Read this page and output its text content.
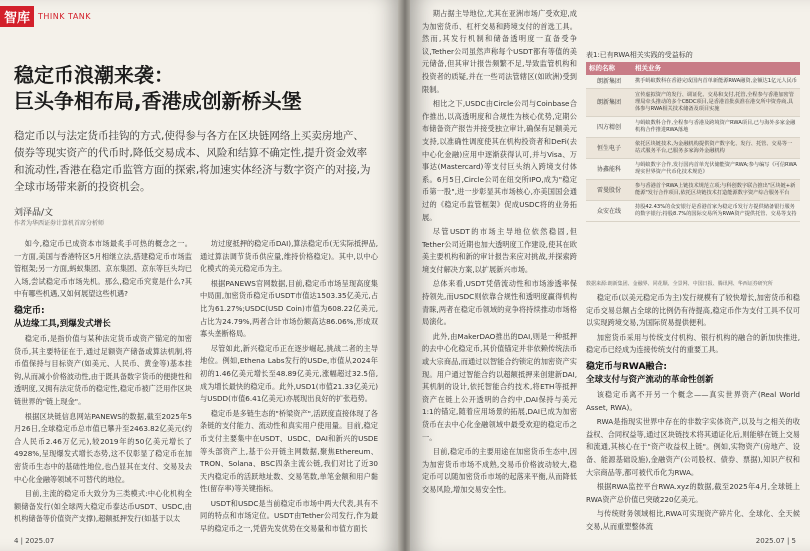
智库	THINK TANK
稳定币浪潮来袭：
巨头争相布局,香港成创新桥头堡
稳定币以与法定货币挂钩的方式,使得参与各方在区块链网络上买卖房地产、债券等现实资产的代币时,降低交易成本、风险和结算不确定性,提升资金效率和流动性,香港在稳定币监管方面的探索,将加速实体经济与数字资产的对接,为全球市场带来新的投资机会。
刘泽晶/文
作者为华西证券计算机首席分析师

如今,稳定币已成资本市场最炙手可热的概念之一。一方面,美国与香港特区5月相继立法,搭建稳定币市场监管框架;另一方面,蚂蚁集团、京东集团、京东等巨头均已入场,尝试稳定币市场先机。那么,稳定币究竟是什么?其中有哪些机遇,又如何展望这些机遇?

稳定币:
从边缘工具,到爆发式增长

稳定币,是指价值与某种法定货币或资产锚定的加密货币,其主要特征在于,通过足额资产储备或算法机制,将币值保持与目标资产(如美元、人民币、黄金等)基本挂钩,从而减小价格波动性,由于既具备数字货币的便捷性和透明度,又拥有法定货币的稳定性,稳定币被广泛用作区块链世界的"链上现金"。

根据区块链信息网站PANEWS的数据,截至2025年5月26日,全球稳定币总市值已攀升至2463.82亿美元(约合人民币2.46万亿元),较2019年的50亿美元增长了4928%,呈现爆发式增长态势,这不仅彰显了稳定币在加密货币生态中的基础性地位,也凸显其在支付、交易及去中心化金融等领域不可替代的地位。

目前,主流的稳定币大致分为三类模式:中心化机构全额储备发行(如全球两大稳定币泰达币USDT、USDC,由机构储备等价值资产支撑),超额抵押发行(如基于以太

坊过度抵押的稳定币DAI),算法稳定币(无实际抵押品,通过算法调节货币供应量,维持价格稳定)。其中,以中心化模式的美元稳定币为主。

根据PANEWS官网数据,目前,稳定币市场呈现高度集中局面,加密货币稳定币USDT市值达1503.35亿美元,占比为61.27%;USDC(USD Coin)市值为608.22亿美元,占比为24.79%,两者合计市场份额高达86.06%,形成双寡头垄断格局。

尽管如此,新兴稳定币正在逐步崛起,挑战二者的主导地位。例如,Ethena Labs发行的USDe,市值从2024年初的1.46亿美元增长至48.89亿美元,涨幅超过32.5倍,成为增长最快的稳定币。此外,USD1(市值21.33亿美元)与USDD(市值6.41亿美元)亦展现出良好的扩张趋势。

稳定币是多链生态的"桥梁资产",活跃度直接体现了各条链的支付能力、流动性和真实用户使用量。目前,稳定币支付主要集中在USDT、USDC、DAI和新兴的USDE等头部资产上,基于公开链主网数据,聚焦Ethereum、TRON、Solana、BSC四条主流公链,我们对比了近30天内稳定币的活跃地址数、交易笔数,单笔金额和用户黏性(留存率)等关键指标。

USDT和USDC是当前稳定币市场中两大代表,具有不同的特点和市场定位。USDT由Tether公司发行,作为最早的稳定币之一,凭借先发优势在交易量和市值方面长

4 | 2025.07

期占据主导地位,尤其在亚洲市场广受欢迎,成为加密货币、杠杆交易和跨境支付的首选工具。然而,其发行机制和储备透明度一直备受争议,Tether公司虽然声称每个USDT都有等值的美元储备,但其审计报告频繁不足,导致监管机构和投资者的质疑,并在一些司法管辖区(如欧洲)受到限制。

相比之下,USDC由Circle公司与Coinbase合作推出,以高透明度和合规性为核心优势,定期公布储备资产报告并接受独立审计,确保有足额美元支持,以准确性调度使其在机构投资者和DeFi(去中心化金融)应用中逐渐获得认可,并与Visa、万事达(Mastercard)等支付巨头纳入跨境支付体系。6月5日,Circle公司在纽交所IPO,成为"稳定币第一股",进一步彰显其市场核心,亦美国国会通过的《稳定币监管框架》促成USDC将的业务拓展。

尽管USDT的市场主导地位依然稳固,但Tether公司近期也加大透明度工作建设,使其在欧美主要机构和新的审计报告来应对挑战,并探索跨境支付解决方案,以扩展新兴市场。

总体来看,USDT凭借流动性和市场渗透率保持领先,而USDC则依靠合规性和透明度赢得机构青睐,两者在稳定币领域的竞争将持续推动市场格局演化。

此外,由MakerDAO推出的DAI,则是一种抵押的去中心化稳定币,其价值锚定并非依赖传统法币或大宗商品,而通过以智能合约锁定的加密资产实现。用户通过智能合约以超额抵押来创建新DAI,其机制的设计,依托智能合约技术,将ETH等抵押资产在链上公开透明的合约中,DAI保持与美元1:1的锚定,随着应用场景的拓展,DAI已成为加密货币在去中心化金融领域中最受欢迎的稳定币之一。

目前,稳定币的主要用途在加密货币生态中,因为加密货币市场不成熟,交易币价格波动较大,稳定币可以随加密货币市场的起落来平衡,从而降低交易风险,增加交易安全性。

表1:已有RWA相关实践的受益标的
标的名称	相关业务
朗新集团	携手蚂蚁数科在香港完成国内首单新能源RWA融资,金额达1亿元人民币
朗新集团	宣传虚拟资产的发行、调证化、交易和支付,托管,全程参与香港加密管理局牵头推动的多个CBDC项目,是香港首批获准在港交所中资券商,具体参与RWA相关技术储备及项目实施
四方精创	与蚂蚁数科合作,全程参与香港及跨境资产RWA项目,已与海外多家金融机构合作推进RWA落地
恒生电子	依托区块链技术,为金融机构提供资产数字化、发行、托管、交易等一站式服务平台,已服务多家海外金融机构
协鑫能科	与蚂蚁数字合作,发行国内首单光伏储能资产RWA;参与编写《可信RWA现实世界资产代币化技术规范》
雷曼股份	参与香港首个RWA上链技术规范立项;与科创数字联合推出"区块链+新能源"发行合作项目,依托区块链技术打造能源数字资产综合服务平台
众安在线	持股42.43%的众安银行是香港首家为稳定币发行方提供储备银行服务的数字银行;持股8.7%的国际交易所为RWA资产提供托管、交易等支持
数据来源:朗新集团、金融界、同花顺、全景网、中国日报、腾讯网、华西证券研究所

稳定币(以美元稳定币为主)发行规模有了较快增长,加密货币和稳定币交易总额占全球的比例仍有待提高,稳定币作为支付工具不仅可以实现跨境交易,为国际贸易提供便利。

加密货币采用与传统支付机构、银行机构的融合的新加快推进,稳定币已经成为连接传统支付的重要工具。

稳定币与RWA融合:
全球支付与资产流动的革命性创新

该稳定币离不开另一个概念——真实世界资产(Real World Asset, RWA)。

RWA是指现实世界中存在的非数字实体资产,以及与之相关的收益权、合同权益等,通过区块链技术将其通证化后,则能够在链上交易和流通,其核心在于"资产收益权上链"。例如,实物资产(房地产、设备、能源基础设施),金融资产(公司股权、债券、票据),知识产权和大宗商品等,都可被代币化为RWA。

根据RWA监控平台RWA.xyz的数据,截至2025年4月,全球链上RWA资产总价值已突破220亿美元。

与传统财务领域相比,RWA可实现资产碎片化、全球化、全天候交易,从而重塑整体流

2025.07 | 5
